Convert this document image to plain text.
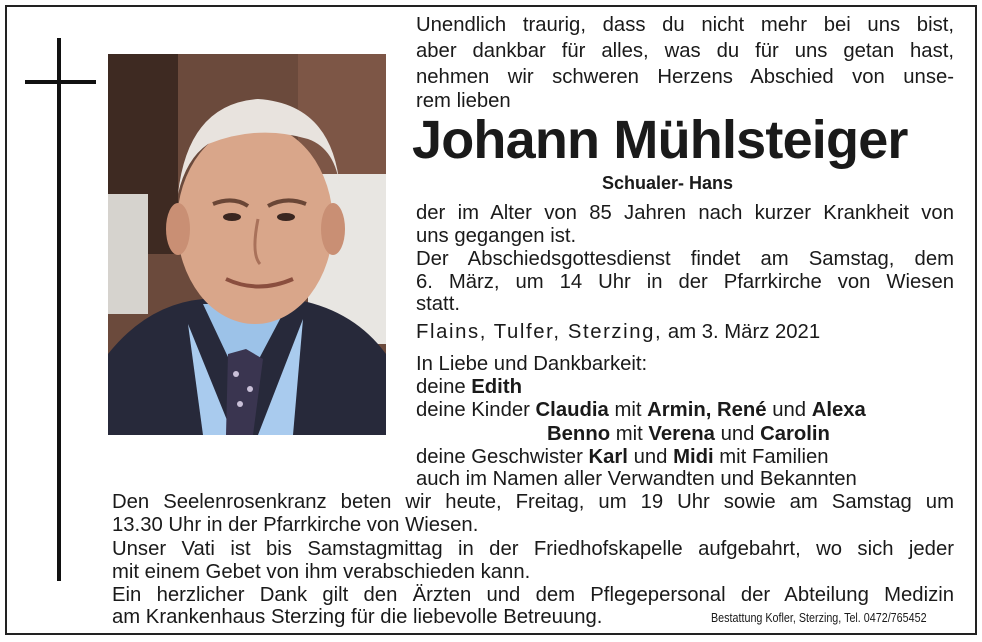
Unendlich traurig, dass du nicht mehr bei uns bist,
aber dankbar für alles, was du für uns getan hast,
nehmen wir schweren Herzens Abschied von unse-
rem lieben
Johann Mühlsteiger
Schualer- Hans
der im Alter von 85 Jahren nach kurzer Krankheit von
uns gegangen ist.
Der Abschiedsgottesdienst findet am Samstag, dem
6. März, um 14 Uhr in der Pfarrkirche von Wiesen
statt.
Flains, Tulfer, Sterzing, am 3. März 2021
In Liebe und Dankbarkeit:
deine Edith
deine Kinder Claudia mit Armin, René und Alexa
Benno mit Verena und Carolin
deine Geschwister Karl und Midi mit Familien
auch im Namen aller Verwandten und Bekannten
Den Seelenrosenkranz beten wir heute, Freitag, um 19 Uhr sowie am Samstag um
13.30 Uhr in der Pfarrkirche von Wiesen.
Unser Vati ist bis Samstagmittag in der Friedhofskapelle aufgebahrt, wo sich jeder
mit einem Gebet von ihm verabschieden kann.
Ein herzlicher Dank gilt den Ärzten und dem Pflegepersonal der Abteilung Medizin
am Krankenhaus Sterzing für die liebevolle Betreuung.	Bestattung Kofler, Sterzing, Tel. 0472/765452
